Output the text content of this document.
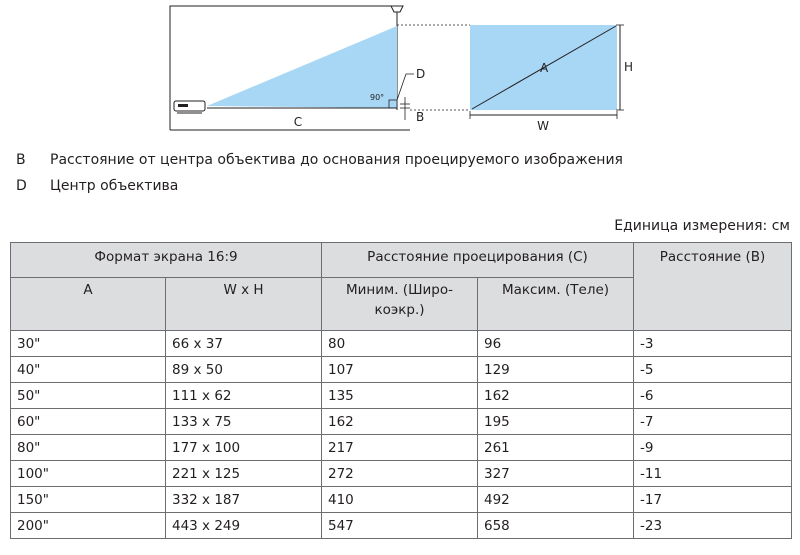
C
90°
D
B
A	H
W
B Расстояние от центра объектива до основания проецируемого изображения
D Центр объектива
Единица измерения: см
Формат экрана 16:9		Расстояние проецирования (C)		Расстояние (B)
A	W x H	Миним. (Широ-коэкр.)	Максим. (Теле)	
30"	66 x 37	80	96	-3
40"	89 x 50	107	129	-5
50"	111 x 62	135	162	-6
60"	133 x 75	162	195	-7
80"	177 x 100	217	261	-9
100"	221 x 125	272	327	-11
150"	332 x 187	410	492	-17
200"	443 x 249	547	658	-23
